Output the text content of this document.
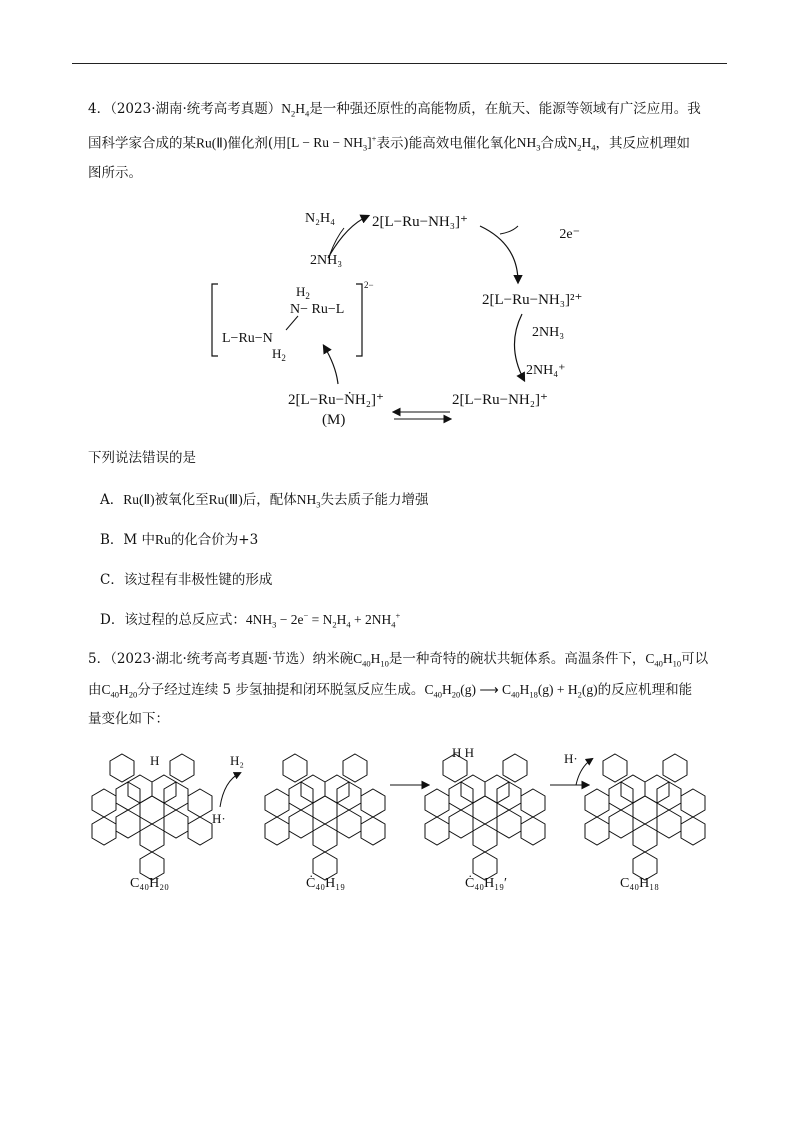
4．（2023·湖南·统考高考真题）$N_2H_4$是一种强还原性的高能物质，在航天、能源等领域有广泛应用。我
国科学家合成的某Ru(Ⅱ)催化剂(用$[L - Ru - NH_3]^+$表示)能高效电催化氧化$NH_3$合成$N_2H_4$，其反应机理如
图所示。
N₂H₄ 2[L−Ru−NH₃]⁺
2e⁻
2NH₃
2[L−Ru−NH₃]²⁺
2NH₃
2NH₄⁺
2[L−Ru−NH₂]⁺
2[L−Ru−ṄH₂]⁺
(M)
2−
$H_2$
N− Ru−L
L−Ru−N
$H_2$
下列说法错误的是
A．Ru(Ⅱ)被氧化至Ru(Ⅲ)后，配体$NH_3$失去质子能力增强
B．M 中Ru的化合价为+3
C．该过程有非极性键的形成
D．该过程的总反应式：$4NH_3 - 2e^- = N_2H_4 + 2NH_4^+$
5．（2023·湖北·统考高考真题·节选）纳米碗$C_{40}H_{10}$是一种奇特的碗状共轭体系。高温条件下，$C_{40}H_{10}$可以
由$C_{40}H_{20}$分子经过连续 5 步氢抽提和闭环脱氢反应生成。$C_{40}H_{20}(g)$ ⟶ $C_{40}H_{18}(g) + H_2(g)$的反应机理和能
量变化如下：
H
H·
H₂
H H	H·
C₄₀H₂₀	Ċ₄₀H₁₉	Ċ₄₀H₁₉′	C₄₀H₁₈
